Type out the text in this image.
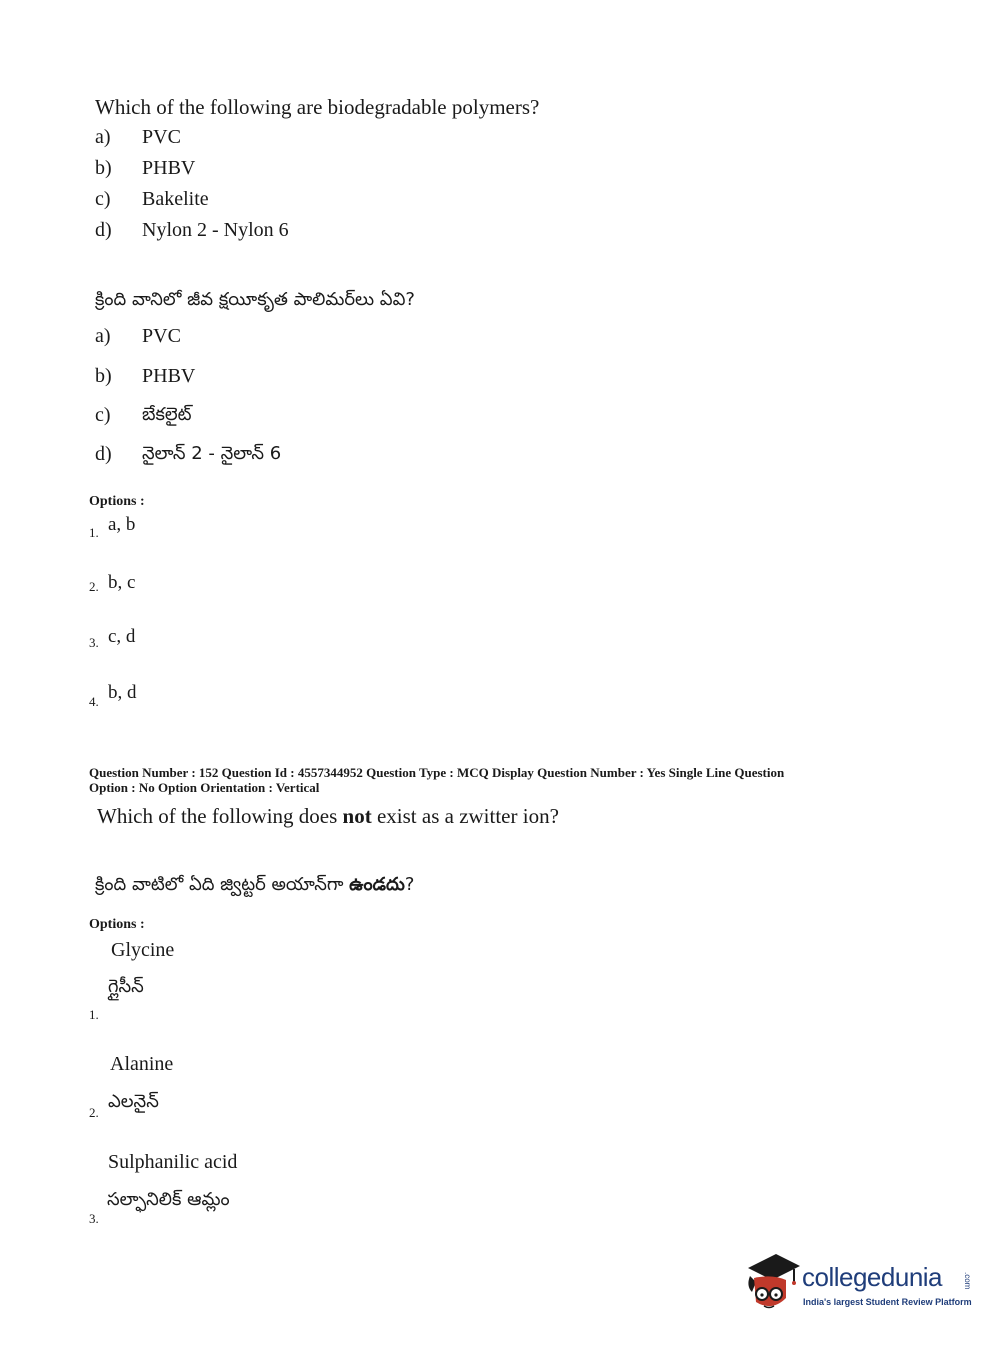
Which of the following are biodegradable polymers?
a) PVC
b) PHBV
c) Bakelite
d) Nylon 2 - Nylon 6
క్రింది వానిలో జీవ క్షయీకృత పాలిమర్‌లు ఏవి?
a) PVC
b) PHBV
c) బేకలైట్
d) నైలాన్ 2 - నైలాన్ 6
Options :
1. a, b
2. b, c
3. c, d
4. b, d
Question Number : 152 Question Id : 4557344952 Question Type : MCQ Display Question Number : Yes Single Line Question
Option : No Option Orientation : Vertical
Which of the following does not exist as a zwitter ion?
క్రింది వాటిలో ఏది జ్విట్టర్ అయాన్‌గా ఉండదు?
Options :
Glycine
గ్లైసీన్
1.
Alanine
ఎలనైన్
2.
Sulphanilic acid
సల్ఫానిలిక్ ఆమ్లం
3.
collegedunia	.com
India's largest Student Review Platform
